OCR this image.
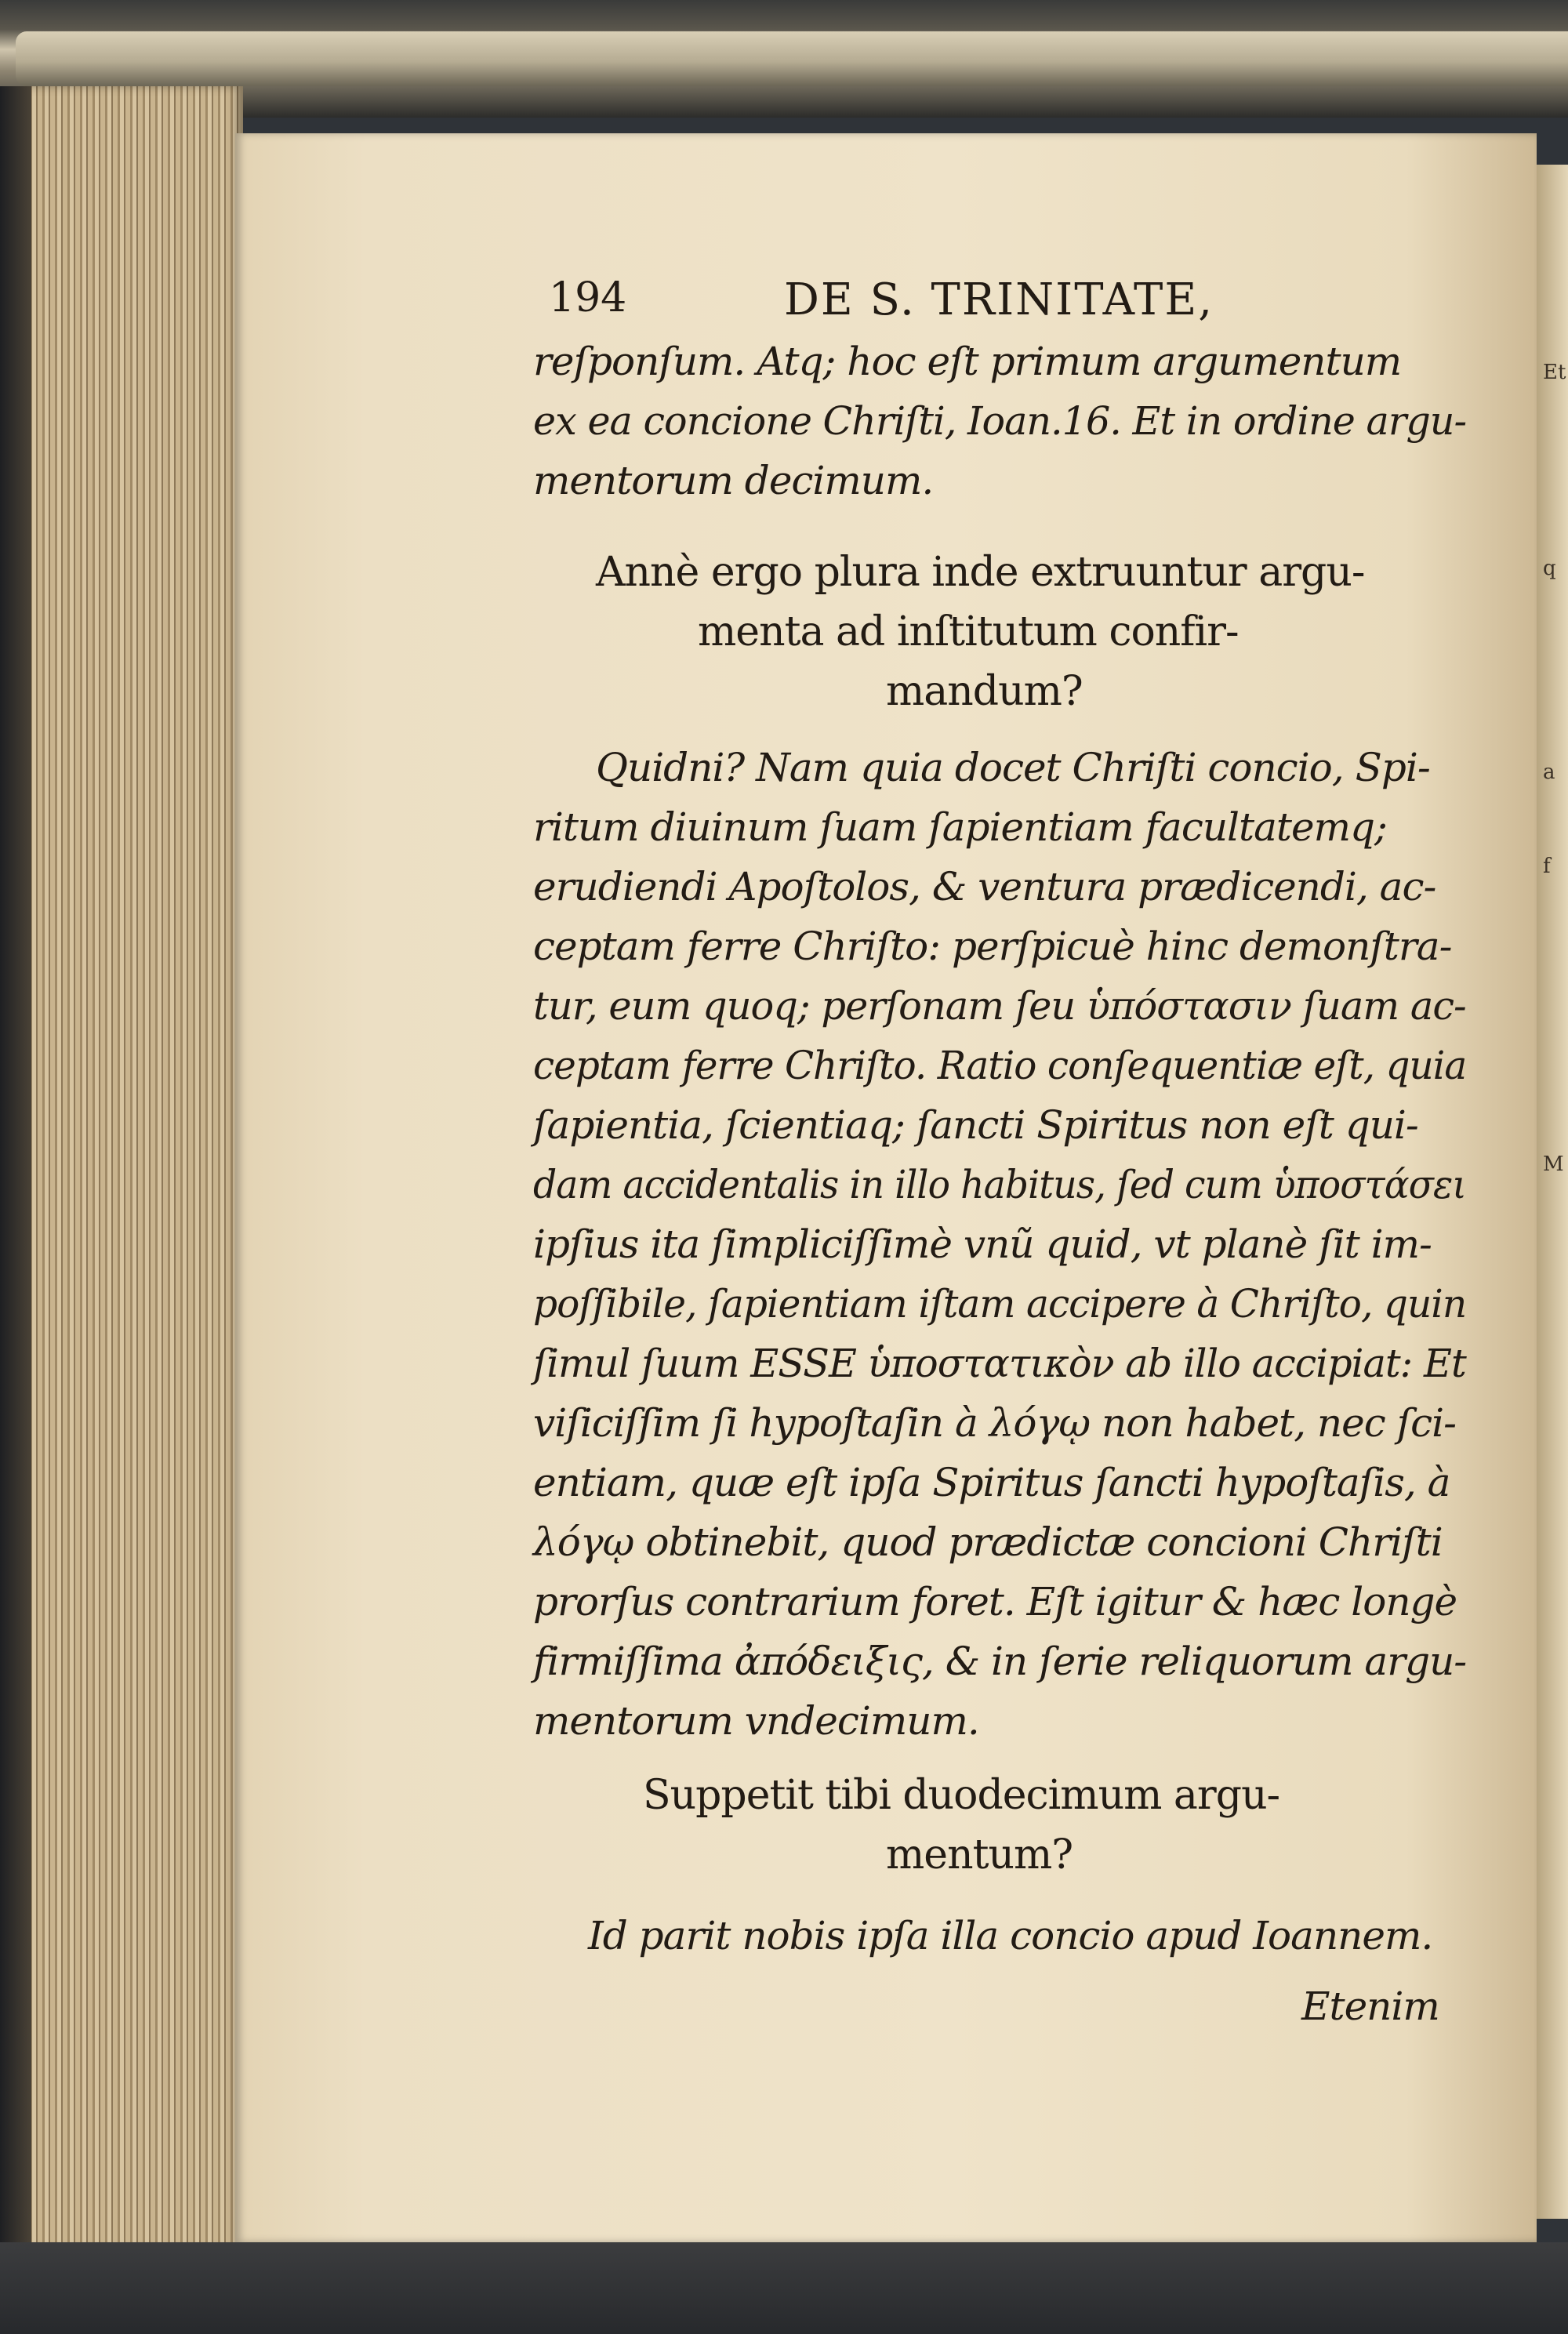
Et
q
a
f
M
194	DE S. TRINITATE,
reſponſum. Atq; hoc eſt primum argumentum
ex ea concione Chriſti, Ioan.16. Et in ordine argu-
mentorum decimum.
Annè ergo plura inde extruuntur argu-
menta ad inſtitutum confir-
mandum?
Quidni? Nam quia docet Chriſti concio, Spi-
ritum diuinum ſuam ſapientiam facultatemq;
erudiendi Apoſtolos, & ventura prædicendi, ac-
ceptam ferre Chriſto: perſpicuè hinc demonſtra-
tur, eum quoq; perſonam ſeu ὑπόστασιν ſuam ac-
ceptam ferre Chriſto. Ratio conſequentiæ eſt, quia
ſapientia, ſcientiaq; ſancti Spiritus non eſt qui-
dam accidentalis in illo habitus, ſed cum ὑποστάσει
ipſius ita ſimpliciſſimè vnũ quid, vt planè ſit im-
poſſibile, ſapientiam iſtam accipere à Chriſto, quin
ſimul ſuum ESSE ὑποστατικὸν ab illo accipiat: Et
viſiciſſim ſi hypoſtaſin à λόγῳ non habet, nec ſci-
entiam, quæ eſt ipſa Spiritus ſancti hypoſtaſis, à
λόγῳ obtinebit, quod prædictæ concioni Chriſti
prorſus contrarium foret. Eſt igitur & hæc longè
firmiſſima ἀπόδειξις, & in ſerie reliquorum argu-
mentorum vndecimum.
Suppetit tibi duodecimum argu-
mentum?
Id parit nobis ipſa illa concio apud Ioannem.
Etenim
